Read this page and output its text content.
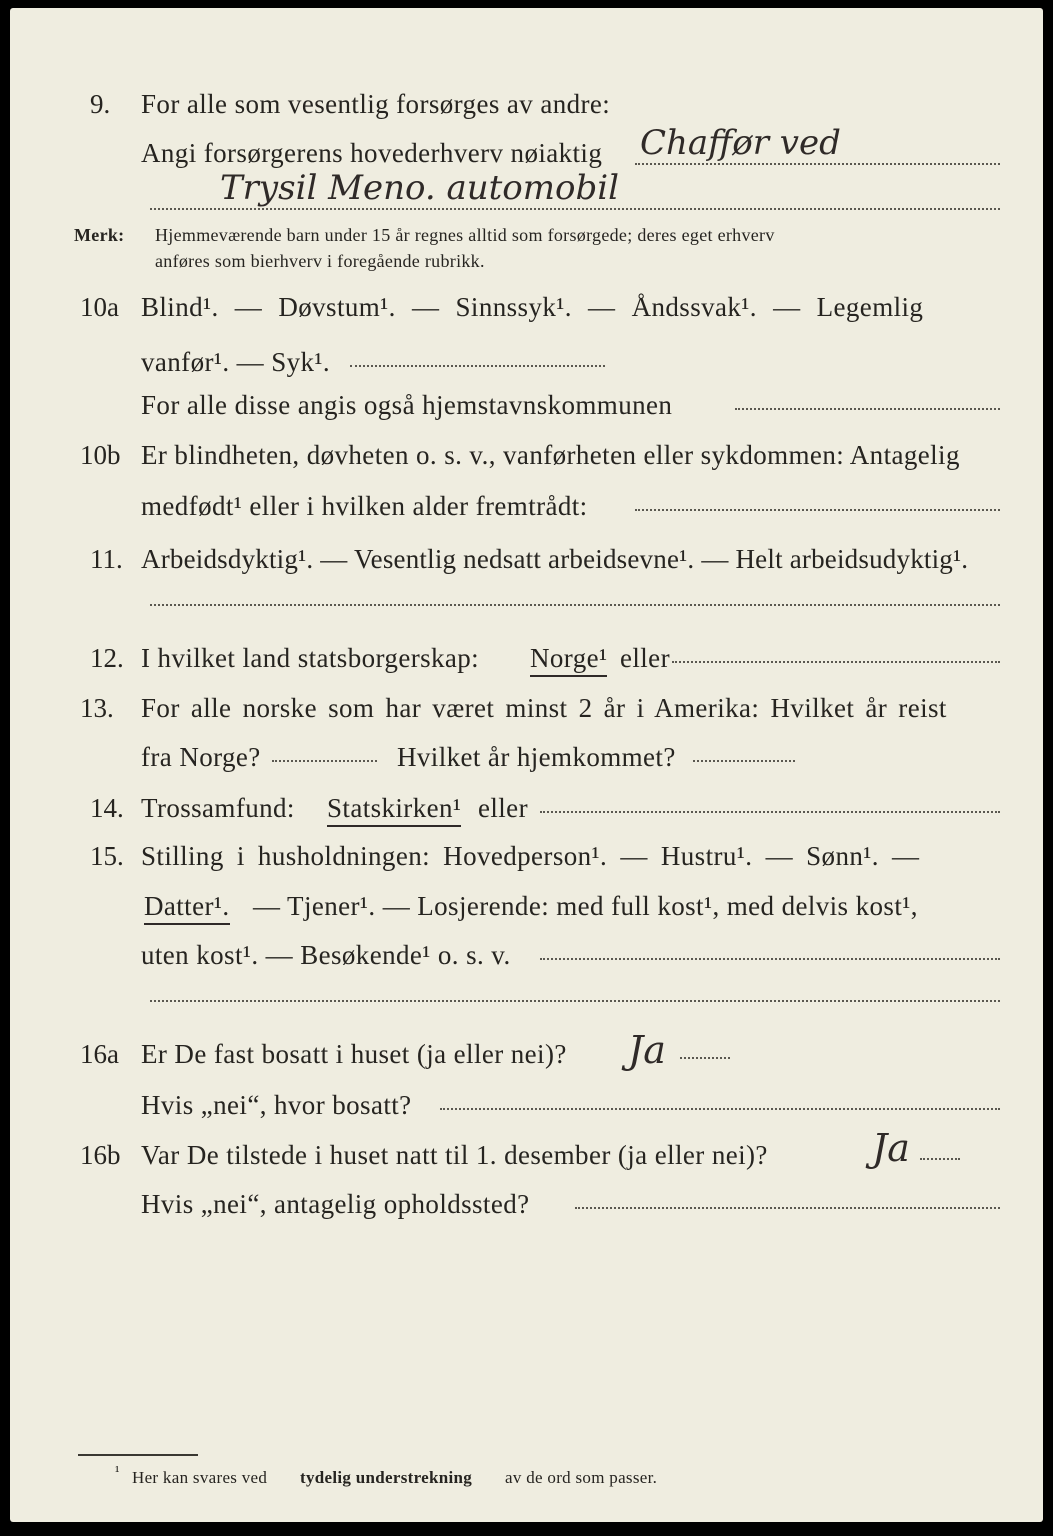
9. For alle som vesentlig forsørges av andre:
Angi forsørgerens hovederhverv nøiaktig Chaffør ved
Trysil Meno. automobil
Merk: Hjemmeværende barn under 15 år regnes alltid som forsørgede; deres eget erhverv
anføres som bierhverv i foregående rubrikk.
10a Blind¹. — Døvstum¹. — Sinnssyk¹. — Åndssvak¹. — Legemlig
vanfør¹. — Syk¹.
For alle disse angis også hjemstavnskommunen
10b Er blindheten, døvheten o. s. v., vanførheten eller sykdommen: Antagelig
medfødt¹ eller i hvilken alder fremtrådt:
11. Arbeidsdyktig¹. — Vesentlig nedsatt arbeidsevne¹. — Helt arbeidsudyktig¹.
12. I hvilket land statsborgerskap: Norge¹ eller
13. For alle norske som har været minst 2 år i Amerika: Hvilket år reist
fra Norge?	Hvilket år hjemkommet?
14. Trossamfund: Statskirken¹ eller
15. Stilling i husholdningen: Hovedperson¹. — Hustru¹. — Sønn¹. —
Datter¹. — Tjener¹. — Losjerende: med full kost¹, med delvis kost¹,
uten kost¹. — Besøkende¹ o. s. v.
16a Er De fast bosatt i huset (ja eller nei)? Ja
Hvis „nei“, hvor bosatt?
16b Var De tilstede i huset natt til 1. desember (ja eller nei)?	Ja
Hvis „nei“, antagelig opholdssted?
¹ Her kan svares ved tydelig understrekning av de ord som passer.
